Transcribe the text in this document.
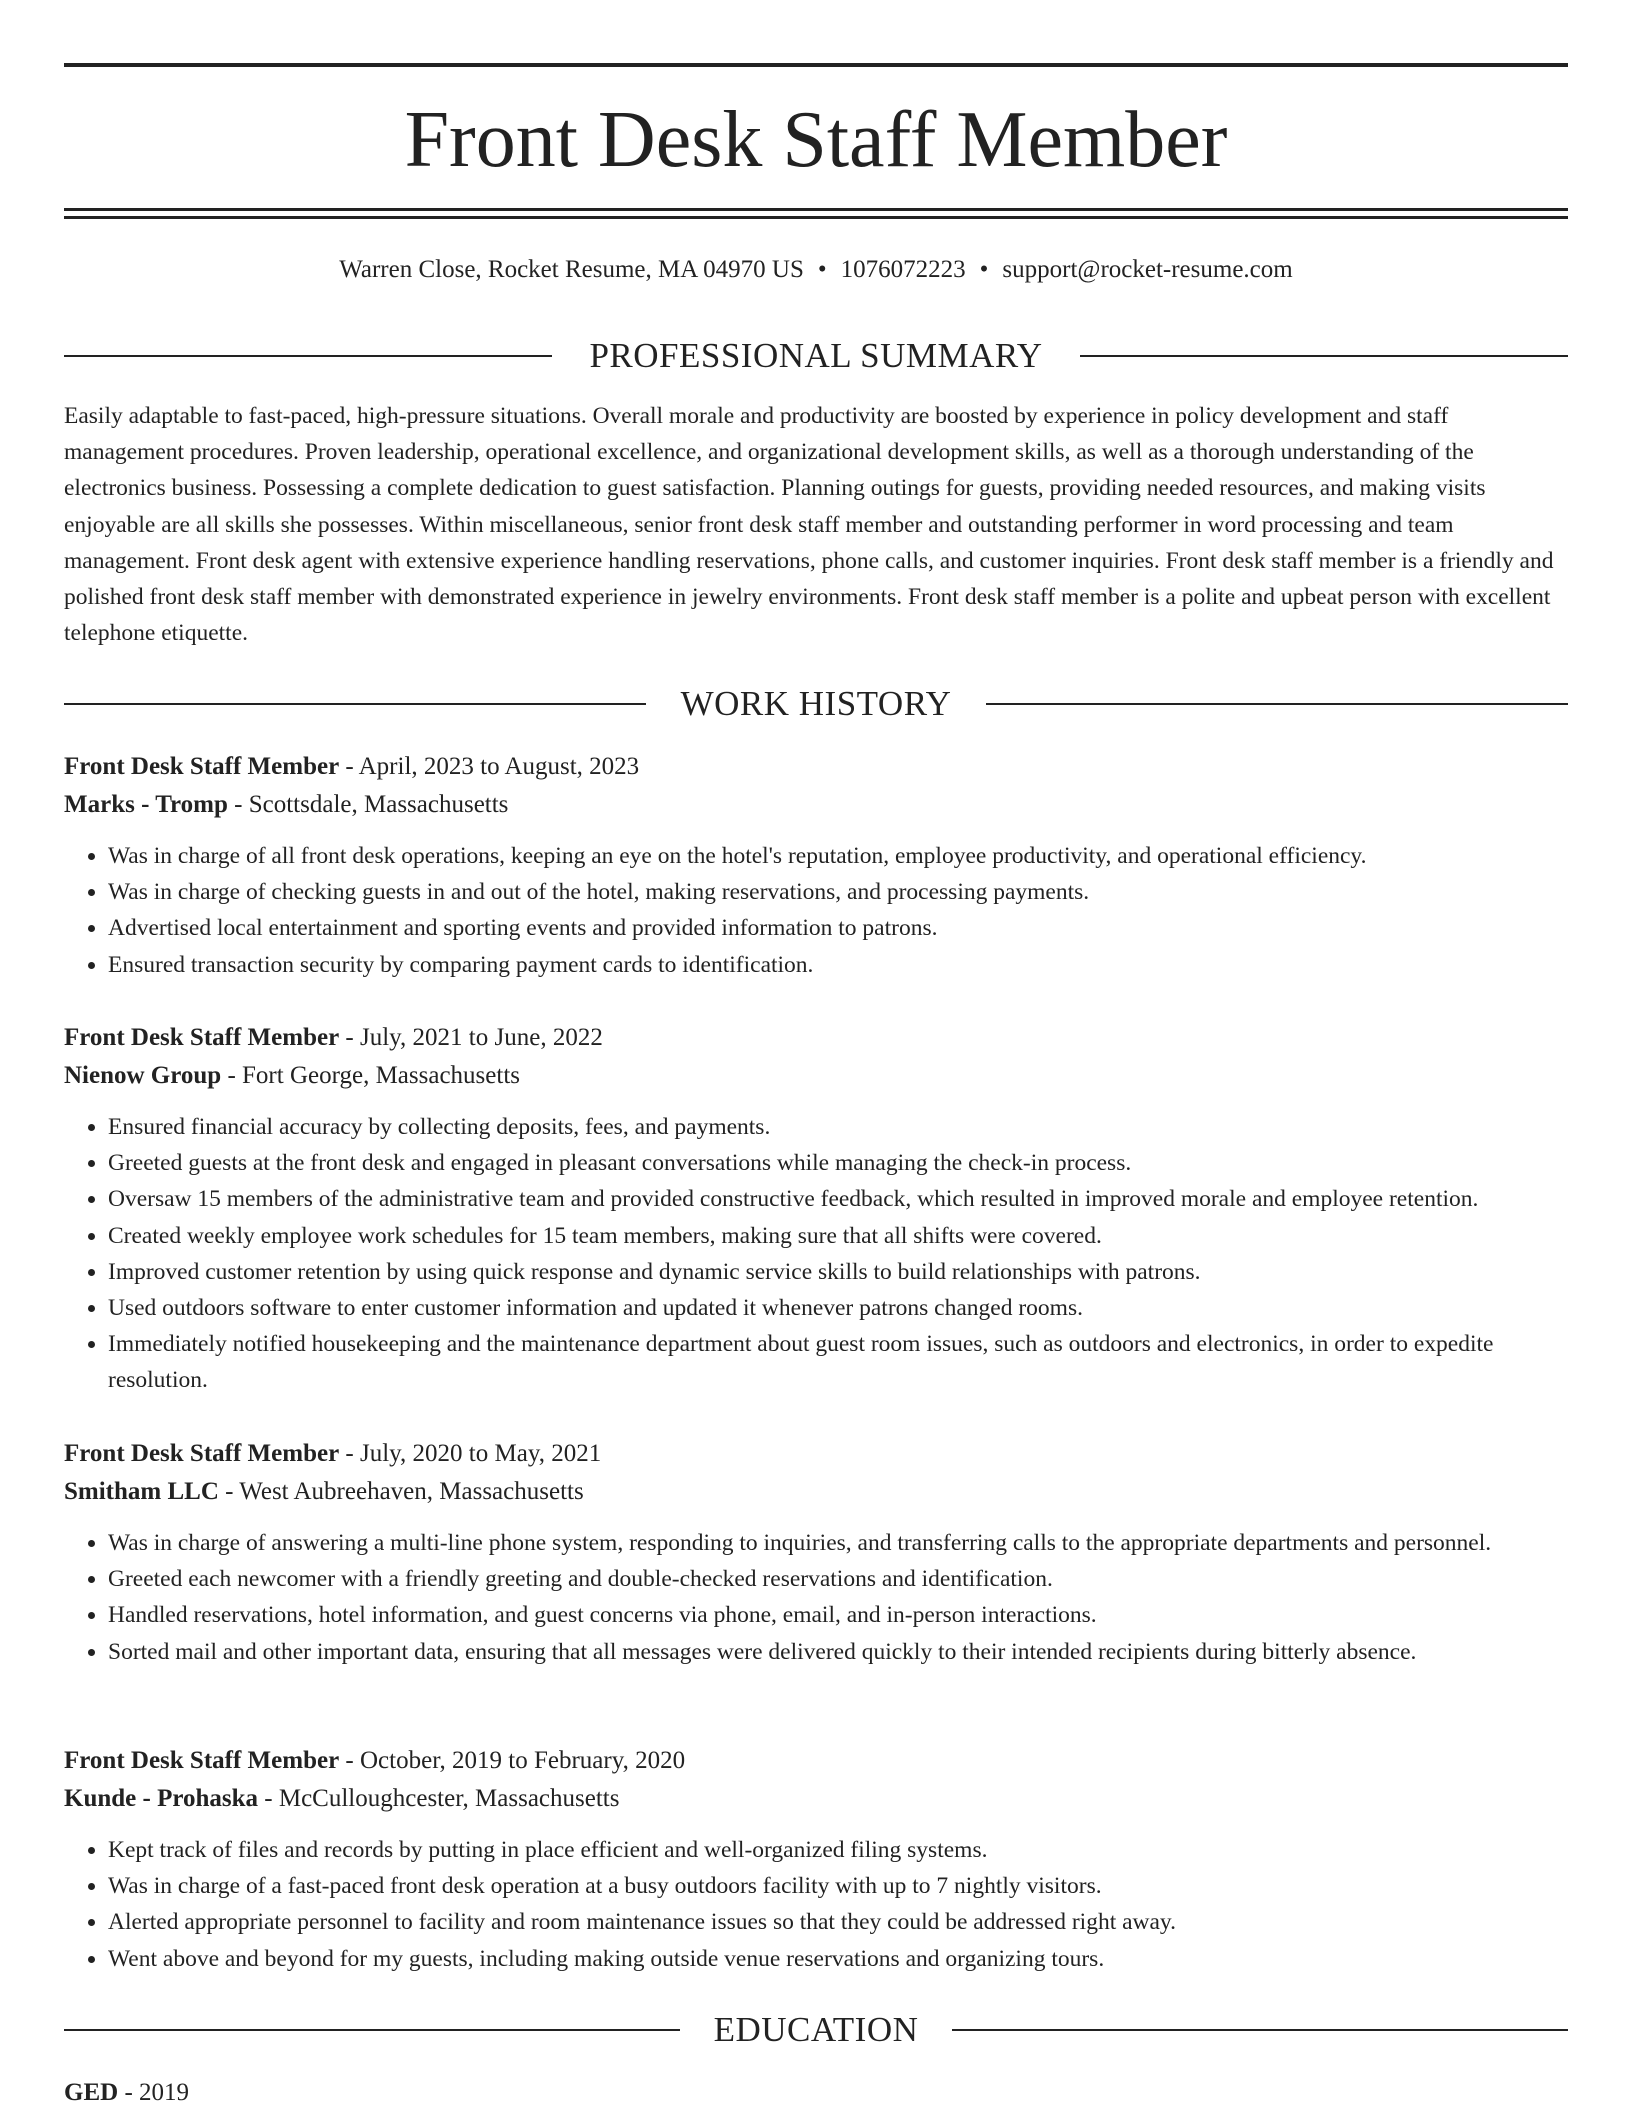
Front Desk Staff Member
Warren Close, Rocket Resume, MA 04970 US • 1076072223 • support@rocket-resume.com
PROFESSIONAL SUMMARY
Easily adaptable to fast-paced, high-pressure situations. Overall morale and productivity are boosted by experience in policy development and staff management procedures. Proven leadership, operational excellence, and organizational development skills, as well as a thorough understanding of the electronics business. Possessing a complete dedication to guest satisfaction. Planning outings for guests, providing needed resources, and making visits enjoyable are all skills she possesses. Within miscellaneous, senior front desk staff member and outstanding performer in word processing and team management. Front desk agent with extensive experience handling reservations, phone calls, and customer inquiries. Front desk staff member is a friendly and polished front desk staff member with demonstrated experience in jewelry environments. Front desk staff member is a polite and upbeat person with excellent telephone etiquette.
WORK HISTORY
Front Desk Staff Member - April, 2023 to August, 2023
Marks - Tromp - Scottsdale, Massachusetts
• Was in charge of all front desk operations, keeping an eye on the hotel's reputation, employee productivity, and operational efficiency.
• Was in charge of checking guests in and out of the hotel, making reservations, and processing payments.
• Advertised local entertainment and sporting events and provided information to patrons.
• Ensured transaction security by comparing payment cards to identification.
Front Desk Staff Member - July, 2021 to June, 2022
Nienow Group - Fort George, Massachusetts
• Ensured financial accuracy by collecting deposits, fees, and payments.
• Greeted guests at the front desk and engaged in pleasant conversations while managing the check-in process.
• Oversaw 15 members of the administrative team and provided constructive feedback, which resulted in improved morale and employee retention.
• Created weekly employee work schedules for 15 team members, making sure that all shifts were covered.
• Improved customer retention by using quick response and dynamic service skills to build relationships with patrons.
• Used outdoors software to enter customer information and updated it whenever patrons changed rooms.
• Immediately notified housekeeping and the maintenance department about guest room issues, such as outdoors and electronics, in order to expedite resolution.
Front Desk Staff Member - July, 2020 to May, 2021
Smitham LLC - West Aubreehaven, Massachusetts
• Was in charge of answering a multi-line phone system, responding to inquiries, and transferring calls to the appropriate departments and personnel.
• Greeted each newcomer with a friendly greeting and double-checked reservations and identification.
• Handled reservations, hotel information, and guest concerns via phone, email, and in-person interactions.
• Sorted mail and other important data, ensuring that all messages were delivered quickly to their intended recipients during bitterly absence.
Front Desk Staff Member - October, 2019 to February, 2020
Kunde - Prohaska - McCulloughcester, Massachusetts
• Kept track of files and records by putting in place efficient and well-organized filing systems.
• Was in charge of a fast-paced front desk operation at a busy outdoors facility with up to 7 nightly visitors.
• Alerted appropriate personnel to facility and room maintenance issues so that they could be addressed right away.
• Went above and beyond for my guests, including making outside venue reservations and organizing tours.
EDUCATION
GED - 2019
